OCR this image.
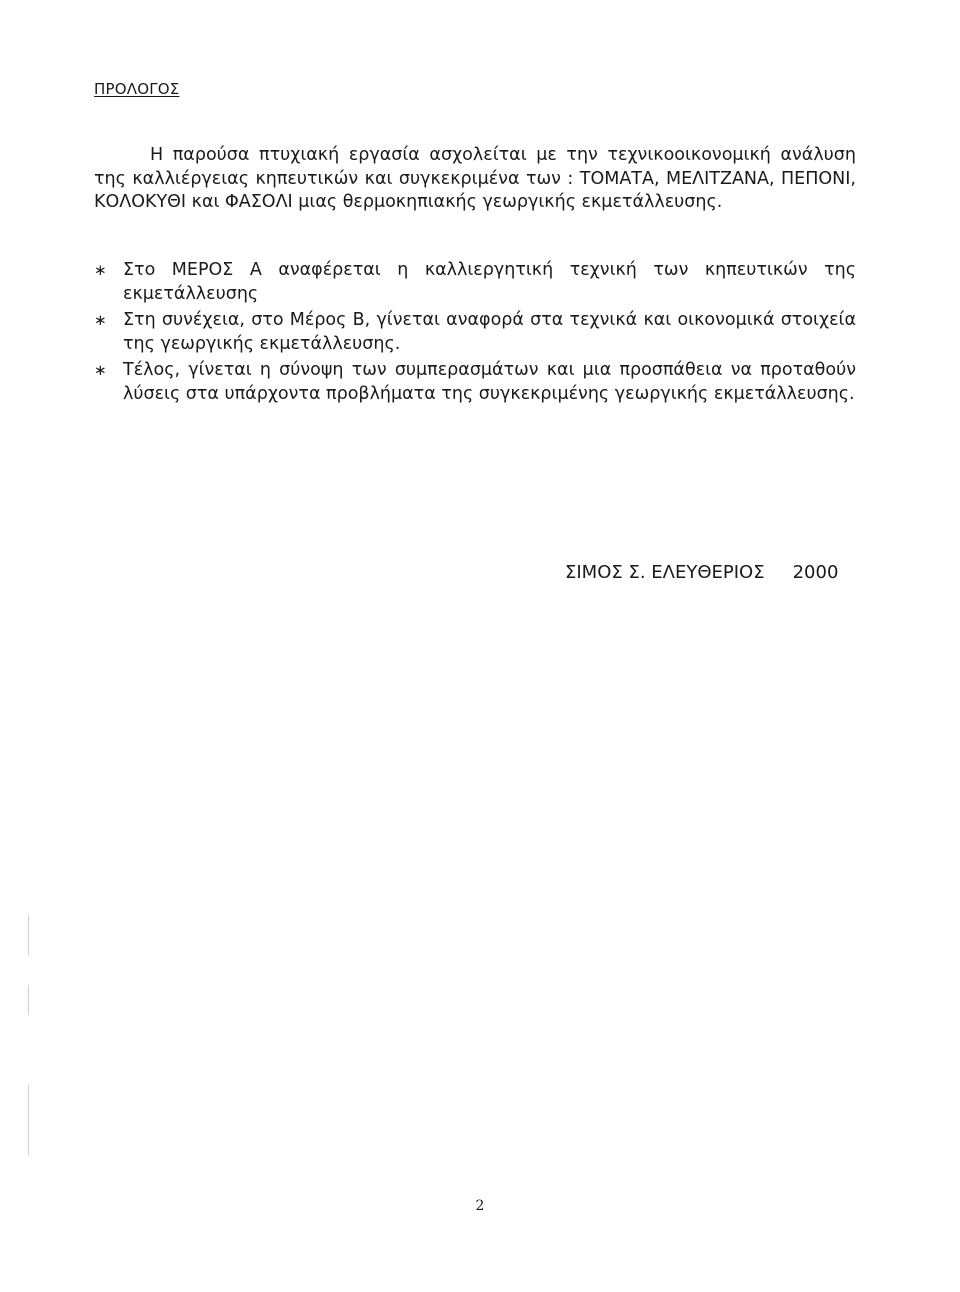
ΠΡΟΛΟΓΟΣ

Η παρούσα πτυχιακή εργασία ασχολείται με την τεχνικοοικονομική ανάλυση της καλλιέργειας κηπευτικών και συγκεκριμένα των : ΤΟΜΑΤΑ, ΜΕΛΙΤΖΑΝΑ, ΠΕΠΟΝΙ, ΚΟΛΟΚΥΘΙ και ΦΑΣΟΛΙ μιας θερμοκηπιακής γεωργικής εκμετάλλευσης.

∗ Στο ΜΕΡΟΣ Α αναφέρεται η καλλιεργητική τεχνική των κηπευτικών της εκμετάλλευσης
∗ Στη συνέχεια, στο Μέρος Β, γίνεται αναφορά στα τεχνικά και οικονομικά στοιχεία της γεωργικής εκμετάλλευσης.
∗ Τέλος, γίνεται η σύνοψη των συμπερασμάτων και μια προσπάθεια να προταθούν λύσεις στα υπάρχοντα προβλήματα της συγκεκριμένης γεωργικής εκμετάλλευσης.
ΣΙΜΟΣ Σ. ΕΛΕΥΘΕΡΙΟΣ 2000
2
